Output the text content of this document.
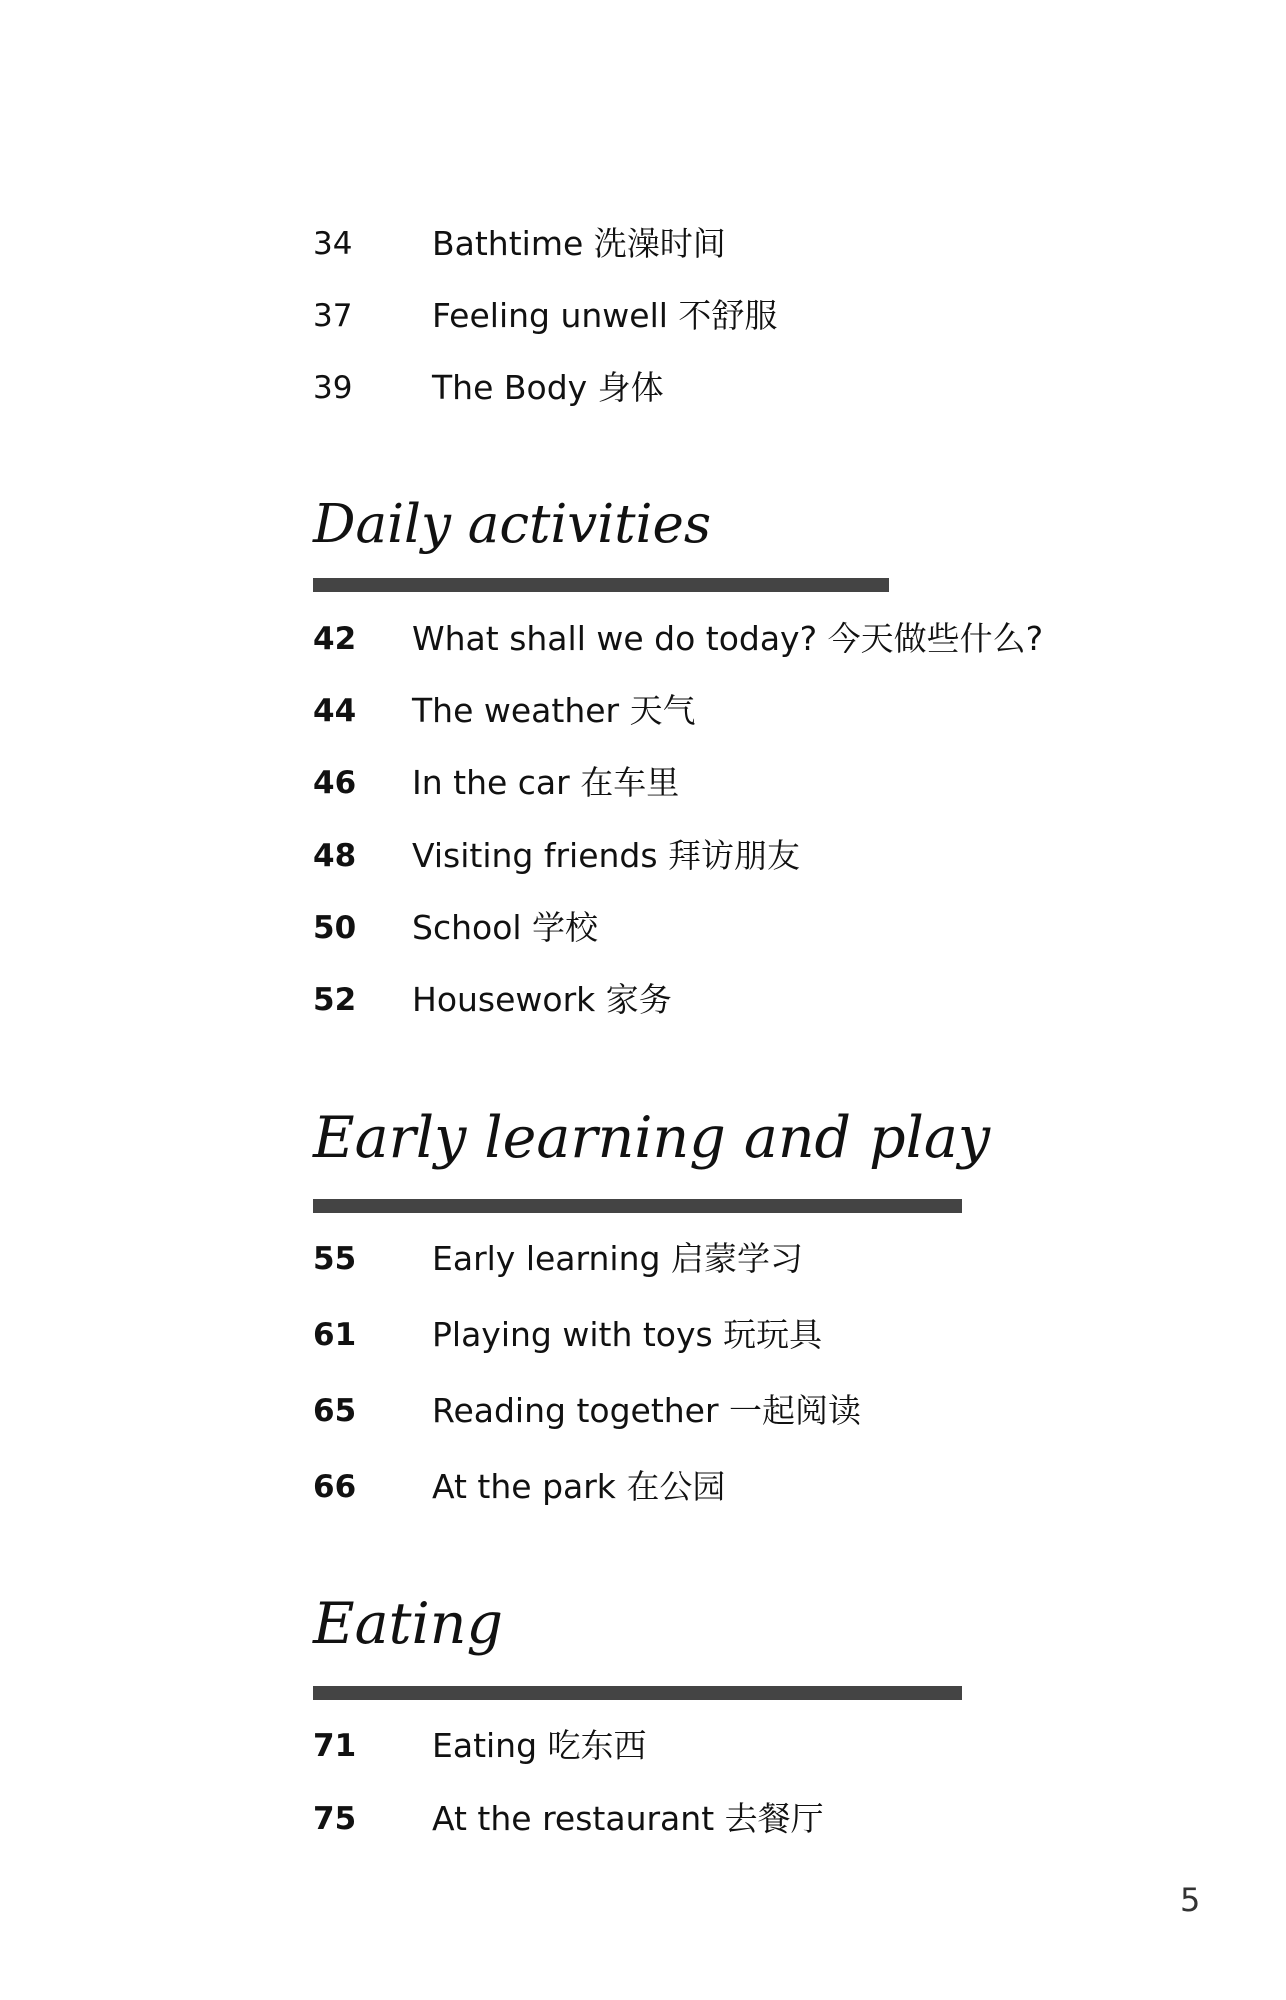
34 Bathtime 洗澡时间
37 Feeling unwell 不舒服
39 The Body 身体
Daily activities
42 What shall we do today? 今天做些什么?
44 The weather 天气
46 In the car 在车里
48 Visiting friends 拜访朋友
50 School 学校
52 Housework 家务
Early learning and play
55 Early learning 启蒙学习
61 Playing with toys 玩玩具
65 Reading together 一起阅读
66 At the park 在公园
Eating
71 Eating 吃东西
75 At the restaurant 去餐厅
5
